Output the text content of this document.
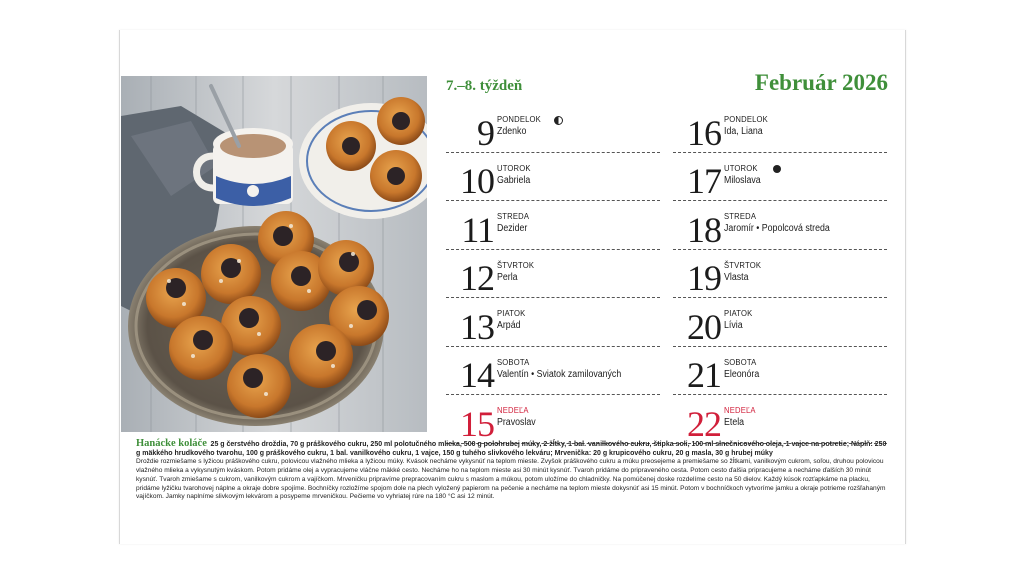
7.–8. týždeň	Február 2026
9 PONDELOK
Zdenko
10 UTOROK
Gabriela
11 STREDA
Dezider
12 ŠTVRTOK
Perla
13 PIATOK
Arpád
14 SOBOTA
Valentín • Sviatok zamilovaných
15 NEDEĽA
Pravoslav
16 PONDELOK
Ida, Liana
17 UTOROK
Miloslava
18 STREDA
Jaromír • Popolcová streda
19 ŠTVRTOK
Vlasta
20 PIATOK
Lívia
21 SOBOTA
Eleonóra
22 NEDEĽA
Etela

Hanácke koláče 25 g čerstvého droždia, 70 g práškového cukru, 250 ml polotučného mlieka, 500 g polohrubej múky, 2 žĺtky, 1 bal. vanilkového cukru, štipka soli, 100 ml slnečnicového oleja, 1 vajce na potretie; Náplň: 250 g mäkkého hrudkového tvarohu, 100 g práškového cukru, 1 bal. vanilkového cukru, 1 vajce, 150 g tuhého slivkového lekváru; Mrvenička: 20 g krupicového cukru, 20 g masla, 30 g hrubej múky

Droždie rozmiešame s lyžicou práškového cukru, polovicou vlažného mlieka a lyžicou múky. Kvások necháme vykysnúť na teplom mieste. Zvyšok práškového cukru a múku preosejeme a premiešame so žĺtkami, vanilkovým cukrom, soľou, druhou polovicou vlažného mlieka a vykysnutým kváskom. Potom pridáme olej a vypracujeme vláčne mäkké cesto. Necháme ho na teplom mieste asi 30 minút kysnúť. Tvaroh pridáme do pripraveného cesta. Potom cesto ďalšia pripracujeme a necháme ďalších 30 minút kysnúť. Tvaroh zmiešame s cukrom, vanilkovým cukrom a vajíčkom. Mrveničku pripravíme prepracovaním cukru s maslom a múkou, potom uložíme do chladničky. Na pomúčenej doske rozdelíme cesto na 50 dielov. Každý kúsok rozťapkáme na placku, pridáme lyžičku tvarohovej náplne a okraje dobre spojíme. Bochníčky rozložíme spojom dole na plech vyložený papierom na pečenie a necháme na teplom mieste dokysnúť asi 15 minút. Potom v bochníčkoch vytvoríme jamku a okraje potrieme rozšľahaným vajíčkom. Jamky naplníme slivkovým lekvárom a posypeme mrveničkou. Pečieme vo vyhriatej rúre na 180 °C asi 12 minút.
